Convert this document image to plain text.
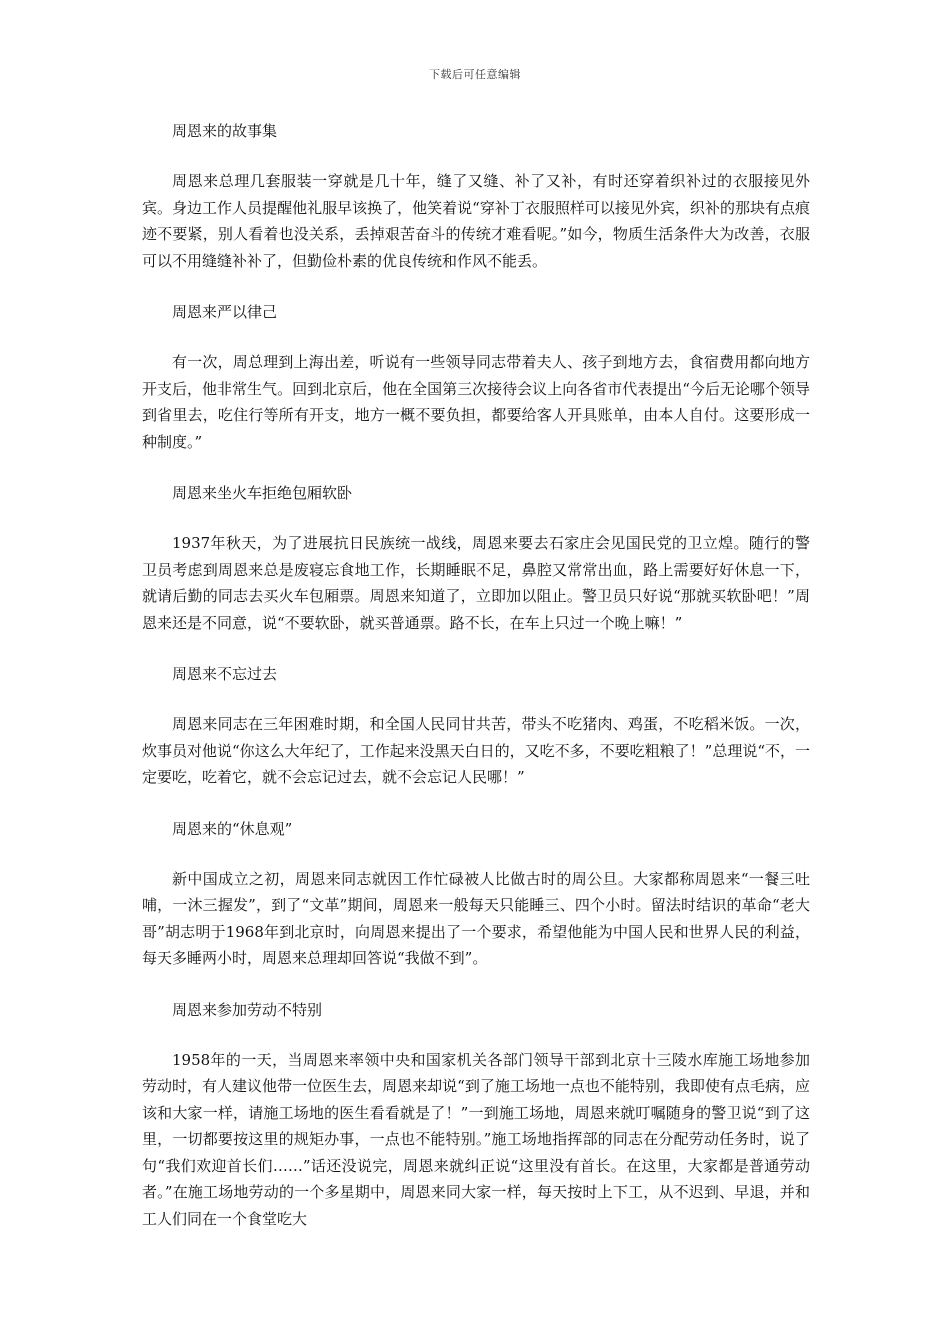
下载后可任意编辑

周恩来的故事集

周恩来总理几套服装一穿就是几十年，缝了又缝、补了又补，有时还穿着织补过的衣服接见外宾。身边工作人员提醒他礼服早该换了，他笑着说“穿补丁衣服照样可以接见外宾，织补的那块有点痕迹不要紧，别人看着也没关系，丢掉艰苦奋斗的传统才难看呢。”如今，物质生活条件大为改善，衣服可以不用缝缝补补了，但勤俭朴素的优良传统和作风不能丢。

周恩来严以律己

有一次，周总理到上海出差，听说有一些领导同志带着夫人、孩子到地方去，食宿费用都向地方开支后，他非常生气。回到北京后，他在全国第三次接待会议上向各省市代表提出“今后无论哪个领导到省里去，吃住行等所有开支，地方一概不要负担，都要给客人开具账单，由本人自付。这要形成一种制度。”

周恩来坐火车拒绝包厢软卧

1937年秋天，为了进展抗日民族统一战线，周恩来要去石家庄会见国民党的卫立煌。随行的警卫员考虑到周恩来总是废寝忘食地工作，长期睡眠不足，鼻腔又常常出血，路上需要好好休息一下，就请后勤的同志去买火车包厢票。周恩来知道了，立即加以阻止。警卫员只好说“那就买软卧吧！”周恩来还是不同意，说“不要软卧，就买普通票。路不长，在车上只过一个晚上嘛！”

周恩来不忘过去

周恩来同志在三年困难时期，和全国人民同甘共苦，带头不吃猪肉、鸡蛋，不吃稻米饭。一次，炊事员对他说“你这么大年纪了，工作起来没黑天白日的，又吃不多，不要吃粗粮了！”总理说“不，一定要吃，吃着它，就不会忘记过去，就不会忘记人民哪！”

周恩来的“休息观”

新中国成立之初，周恩来同志就因工作忙碌被人比做古时的周公旦。大家都称周恩来“一餐三吐哺，一沐三握发”，到了“文革”期间，周恩来一般每天只能睡三、四个小时。留法时结识的革命“老大哥”胡志明于1968年到北京时，向周恩来提出了一个要求，希望他能为中国人民和世界人民的利益，每天多睡两小时，周恩来总理却回答说“我做不到”。

周恩来参加劳动不特别

1958年的一天，当周恩来率领中央和国家机关各部门领导干部到北京十三陵水库施工场地参加劳动时，有人建议他带一位医生去，周恩来却说“到了施工场地一点也不能特别，我即使有点毛病，应该和大家一样，请施工场地的医生看看就是了！”一到施工场地，周恩来就叮嘱随身的警卫说“到了这里，一切都要按这里的规矩办事，一点也不能特别。”施工场地指挥部的同志在分配劳动任务时，说了句“我们欢迎首长们……”话还没说完，周恩来就纠正说“这里没有首长。在这里，大家都是普通劳动者。”在施工场地劳动的一个多星期中，周恩来同大家一样，每天按时上下工，从不迟到、早退，并和工人们同在一个食堂吃大
